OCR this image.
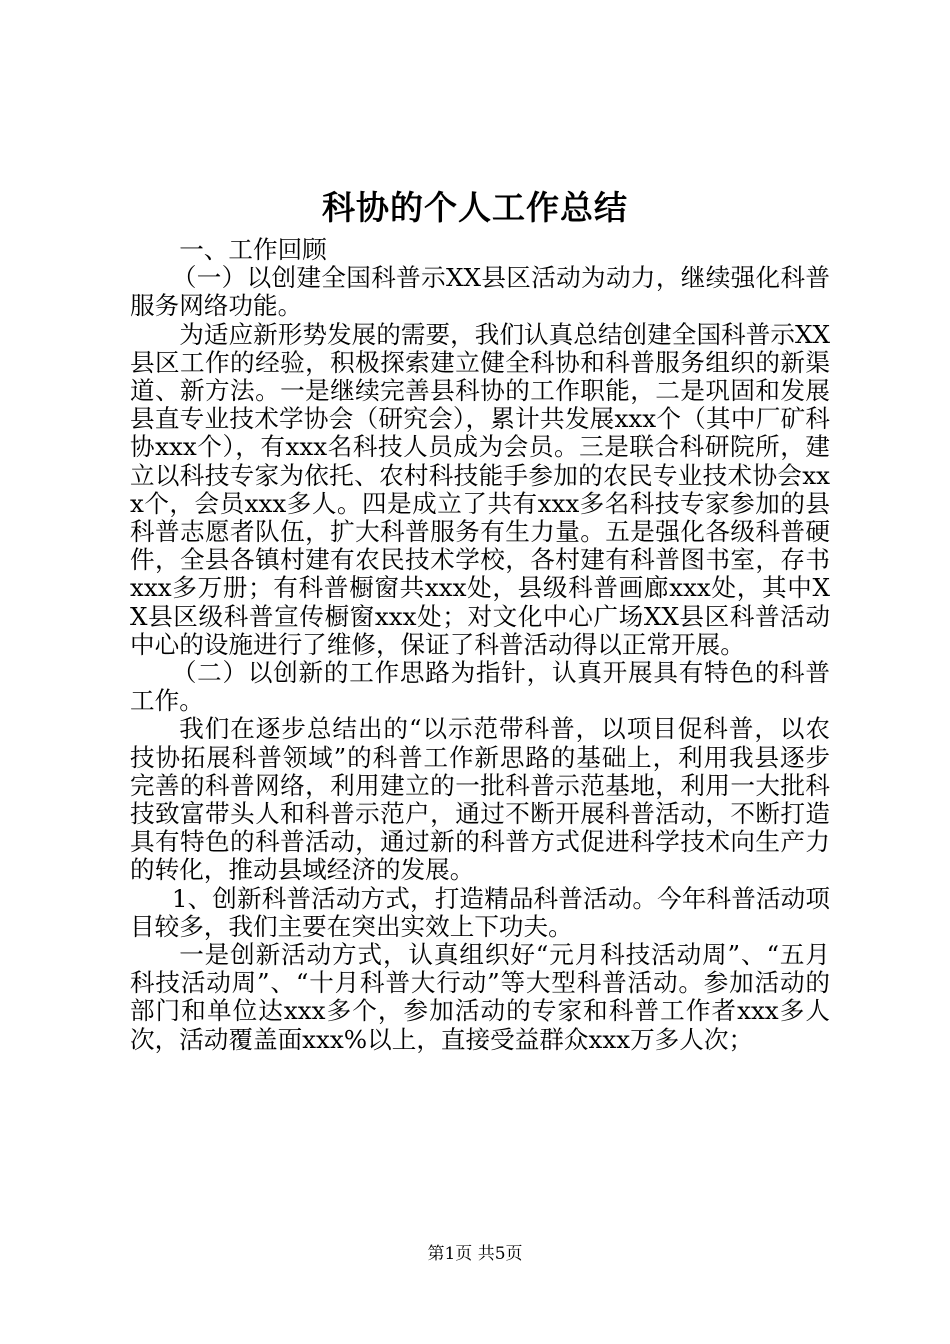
科协的个人工作总结

一、工作回顾

（一）以创建全国科普示XX县区活动为动力，继续强化科普服务网络功能。

为适应新形势发展的需要，我们认真总结创建全国科普示XX县区工作的经验，积极探索建立健全科协和科普服务组织的新渠道、新方法。一是继续完善县科协的工作职能，二是巩固和发展县直专业技术学协会（研究会），累计共发展xxx个（其中厂矿科协xxx个），有xxx名科技人员成为会员。三是联合科研院所，建立以科技专家为依托、农村科技能手参加的农民专业技术协会xxx个，会员xxx多人。四是成立了共有xxx多名科技专家参加的县科普志愿者队伍，扩大科普服务有生力量。五是强化各级科普硬件，全县各镇村建有农民技术学校，各村建有科普图书室，存书xxx多万册；有科普橱窗共xxx处，县级科普画廊xxx处，其中XX县区级科普宣传橱窗xxx处；对文化中心广场XX县区科普活动中心的设施进行了维修，保证了科普活动得以正常开展。

（二）以创新的工作思路为指针，认真开展具有特色的科普工作。

我们在逐步总结出的“以示范带科普，以项目促科普，以农技协拓展科普领域”的科普工作新思路的基础上，利用我县逐步完善的科普网络，利用建立的一批科普示范基地，利用一大批科技致富带头人和科普示范户，通过不断开展科普活动，不断打造具有特色的科普活动，通过新的科普方式促进科学技术向生产力的转化，推动县域经济的发展。

1、创新科普活动方式，打造精品科普活动。今年科普活动项目较多，我们主要在突出实效上下功夫。

一是创新活动方式，认真组织好“元月科技活动周”、“五月科技活动周”、“十月科普大行动”等大型科普活动。参加活动的部门和单位达xxx多个，参加活动的专家和科普工作者xxx多人次，活动覆盖面xxx%以上，直接受益群众xxx万多人次；

第1页 共5页
